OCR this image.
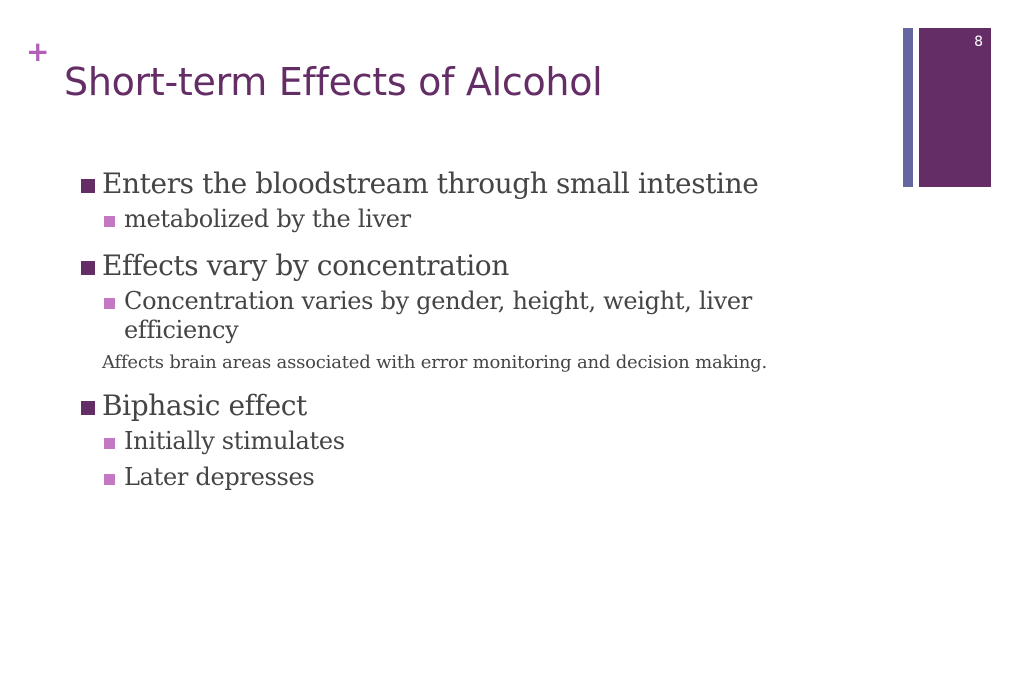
+
Short-term Effects of Alcohol
8
Enters the bloodstream through small intestine
metabolized by the liver
Effects vary by concentration
Concentration varies by gender, height, weight, liver efficiency
Affects brain areas associated with error monitoring and decision making.
Biphasic effect
Initially stimulates
Later depresses
